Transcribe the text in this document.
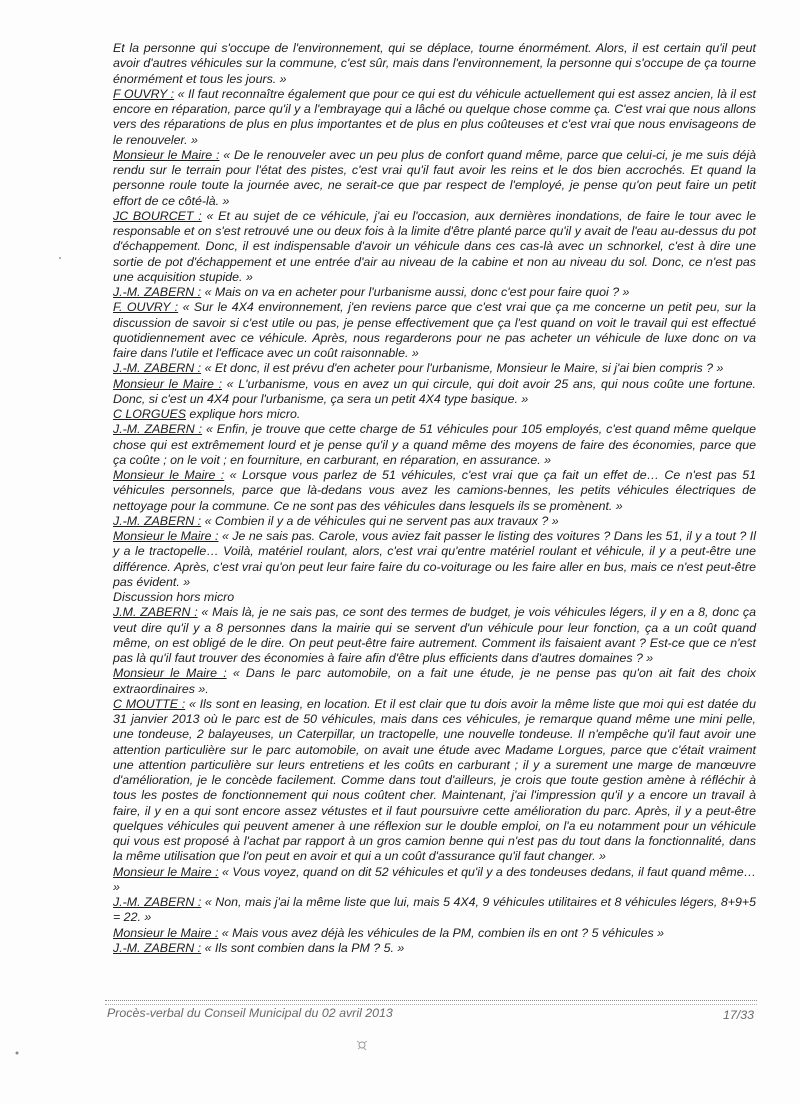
Et la personne qui s'occupe de l'environnement, qui se déplace, tourne énormément. Alors, il est certain qu'il peut avoir d'autres véhicules sur la commune, c'est sûr, mais dans l'environnement, la personne qui s'occupe de ça tourne énormément et tous les jours. »

F OUVRY : « Il faut reconnaître également que pour ce qui est du véhicule actuellement qui est assez ancien, là il est encore en réparation, parce qu'il y a l'embrayage qui a lâché ou quelque chose comme ça. C'est vrai que nous allons vers des réparations de plus en plus importantes et de plus en plus coûteuses et c'est vrai que nous envisageons de le renouveler. »

Monsieur le Maire : « De le renouveler avec un peu plus de confort quand même, parce que celui-ci, je me suis déjà rendu sur le terrain pour l'état des pistes, c'est vrai qu'il faut avoir les reins et le dos bien accrochés. Et quand la personne roule toute la journée avec, ne serait-ce que par respect de l'employé, je pense qu'on peut faire un petit effort de ce côté-là. »

JC BOURCET : « Et au sujet de ce véhicule, j'ai eu l'occasion, aux dernières inondations, de faire le tour avec le responsable et on s'est retrouvé une ou deux fois à la limite d'être planté parce qu'il y avait de l'eau au-dessus du pot d'échappement. Donc, il est indispensable d'avoir un véhicule dans ces cas-là avec un schnorkel, c'est à dire une sortie de pot d'échappement et une entrée d'air au niveau de la cabine et non au niveau du sol. Donc, ce n'est pas une acquisition stupide. »

J.-M. ZABERN : « Mais on va en acheter pour l'urbanisme aussi, donc c'est pour faire quoi ? »

F. OUVRY : « Sur le 4X4 environnement, j'en reviens parce que c'est vrai que ça me concerne un petit peu, sur la discussion de savoir si c'est utile ou pas, je pense effectivement que ça l'est quand on voit le travail qui est effectué quotidiennement avec ce véhicule. Après, nous regarderons pour ne pas acheter un véhicule de luxe donc on va faire dans l'utile et l'efficace avec un coût raisonnable. »

J.-M. ZABERN : « Et donc, il est prévu d'en acheter pour l'urbanisme, Monsieur le Maire, si j'ai bien compris ? »

Monsieur le Maire : « L'urbanisme, vous en avez un qui circule, qui doit avoir 25 ans, qui nous coûte une fortune. Donc, si c'est un 4X4 pour l'urbanisme, ça sera un petit 4X4 type basique. »

C LORGUES explique hors micro.

J.-M. ZABERN : « Enfin, je trouve que cette charge de 51 véhicules pour 105 employés, c'est quand même quelque chose qui est extrêmement lourd et je pense qu'il y a quand même des moyens de faire des économies, parce que ça coûte ; on le voit ; en fourniture, en carburant, en réparation, en assurance. »

Monsieur le Maire : « Lorsque vous parlez de 51 véhicules, c'est vrai que ça fait un effet de… Ce n'est pas 51 véhicules personnels, parce que là-dedans vous avez les camions-bennes, les petits véhicules électriques de nettoyage pour la commune. Ce ne sont pas des véhicules dans lesquels ils se promènent. »

J.-M. ZABERN : « Combien il y a de véhicules qui ne servent pas aux travaux ? »

Monsieur le Maire : « Je ne sais pas. Carole, vous aviez fait passer le listing des voitures ? Dans les 51, il y a tout ? Il y a le tractopelle… Voilà, matériel roulant, alors, c'est vrai qu'entre matériel roulant et véhicule, il y a peut-être une différence. Après, c'est vrai qu'on peut leur faire faire du co-voiturage ou les faire aller en bus, mais ce n'est peut-être pas évident. »

Discussion hors micro

J.M. ZABERN : « Mais là, je ne sais pas, ce sont des termes de budget, je vois véhicules légers, il y en a 8, donc ça veut dire qu'il y a 8 personnes dans la mairie qui se servent d'un véhicule pour leur fonction, ça a un coût quand même, on est obligé de le dire. On peut peut-être faire autrement. Comment ils faisaient avant ? Est-ce que ce n'est pas là qu'il faut trouver des économies à faire afin d'être plus efficients dans d'autres domaines ? »

Monsieur le Maire : « Dans le parc automobile, on a fait une étude, je ne pense pas qu'on ait fait des choix extraordinaires ».

C MOUTTE : « Ils sont en leasing, en location. Et il est clair que tu dois avoir la même liste que moi qui est datée du 31 janvier 2013 où le parc est de 50 véhicules, mais dans ces véhicules, je remarque quand même une mini pelle, une tondeuse, 2 balayeuses, un Caterpillar, un tractopelle, une nouvelle tondeuse. Il n'empêche qu'il faut avoir une attention particulière sur le parc automobile, on avait une étude avec Madame Lorgues, parce que c'était vraiment une attention particulière sur leurs entretiens et les coûts en carburant ; il y a surement une marge de manœuvre d'amélioration, je le concède facilement. Comme dans tout d'ailleurs, je crois que toute gestion amène à réfléchir à tous les postes de fonctionnement qui nous coûtent cher. Maintenant, j'ai l'impression qu'il y a encore un travail à faire, il y en a qui sont encore assez vétustes et il faut poursuivre cette amélioration du parc. Après, il y a peut-être quelques véhicules qui peuvent amener à une réflexion sur le double emploi, on l'a eu notamment pour un véhicule qui vous est proposé à l'achat par rapport à un gros camion benne qui n'est pas du tout dans la fonctionnalité, dans la même utilisation que l'on peut en avoir et qui a un coût d'assurance qu'il faut changer. »

Monsieur le Maire : « Vous voyez, quand on dit 52 véhicules et qu'il y a des tondeuses dedans, il faut quand même… »

J.-M. ZABERN : « Non, mais j'ai la même liste que lui, mais 5 4X4, 9 véhicules utilitaires et 8 véhicules légers, 8+9+5 = 22. »

Monsieur le Maire : « Mais vous avez déjà les véhicules de la PM, combien ils en ont ? 5 véhicules »

J.-M. ZABERN : « Ils sont combien dans la PM ? 5. »

Procès-verbal du Conseil Municipal du 02 avril 2013	17/33
